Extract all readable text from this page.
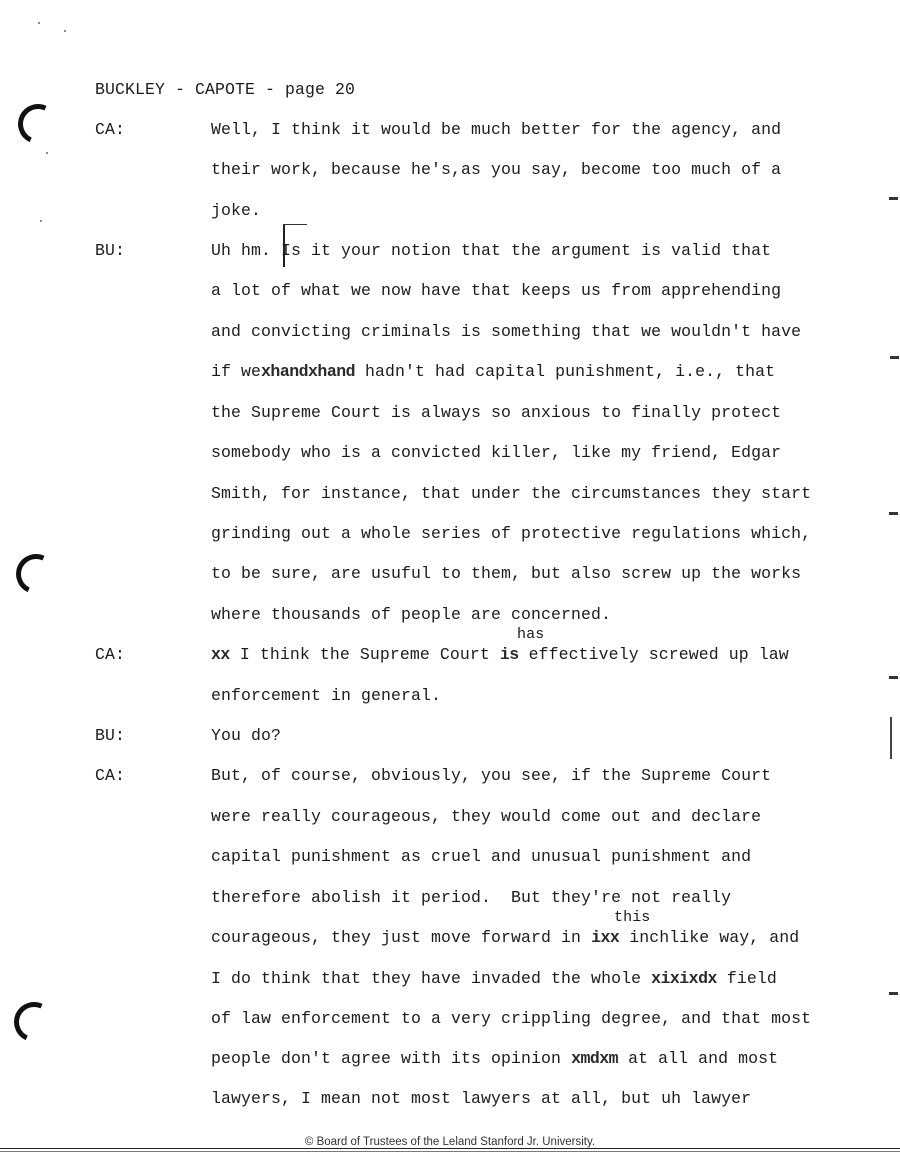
BUCKLEY - CAPOTE - page 20
CA:
BU:
CA:
BU:
CA:
Well, I think it would be much better for the agency, and
their work, because he's,as you say, become too much of a
joke.
Uh hm. Is it your notion that the argument is valid that
a lot of what we now have that keeps us from apprehending
and convicting criminals is something that we wouldn't have
if wexhandxhand hadn't had capital punishment, i.e., that
the Supreme Court is always so anxious to finally protect
somebody who is a convicted killer, like my friend, Edgar
Smith, for instance, that under the circumstances they start
grinding out a whole series of protective regulations which,
to be sure, are usuful to them, but also screw up the works
where thousands of people are concerned.
has
xx I think the Supreme Court is effectively screwed up law
enforcement in general.
You do?
But, of course, obviously, you see, if the Supreme Court
were really courageous, they would come out and declare
capital punishment as cruel and unusual punishment and
therefore abolish it period.  But they're not really
this
courageous, they just move forward in ixx inchlike way, and
I do think that they have invaded the whole xixixdx field
of law enforcement to a very crippling degree, and that most
people don't agree with its opinion xmdxm at all and most
lawyers, I mean not most lawyers at all, but uh lawyer
© Board of Trustees of the Leland Stanford Jr. University.
